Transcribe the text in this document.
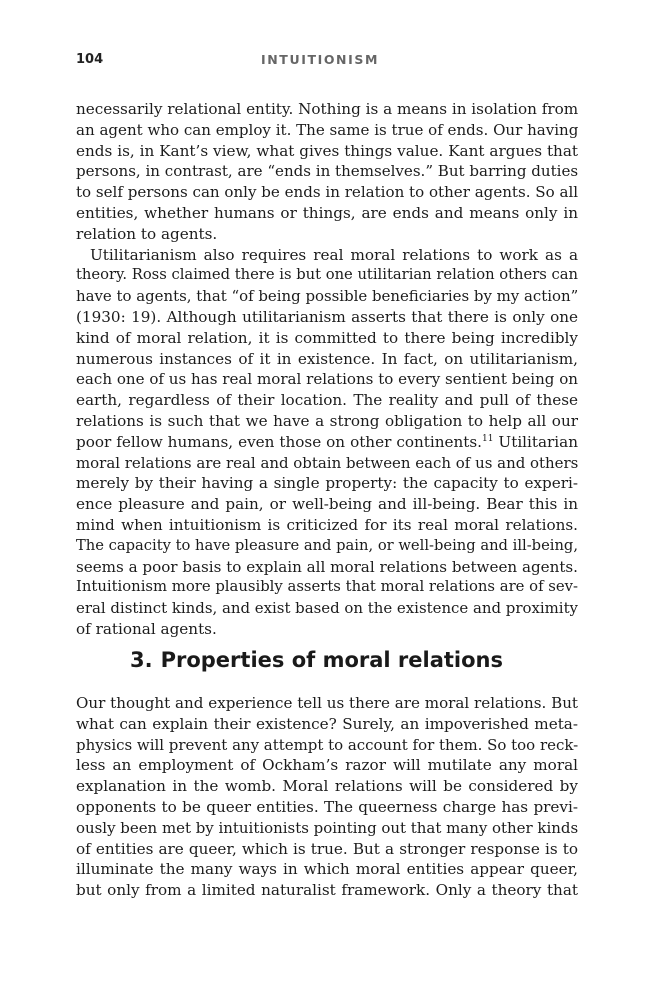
104	INTUITIONISM
necessarily relational entity. Nothing is a means in isolation from
an agent who can employ it. The same is true of ends. Our having
ends is, in Kant’s view, what gives things value. Kant argues that
persons, in contrast, are “ends in themselves.” But barring duties
to self persons can only be ends in relation to other agents. So all
entities, whether humans or things, are ends and means only in
relation to agents.
Utilitarianism also requires real moral relations to work as a
theory. Ross claimed there is but one utilitarian relation others can
have to agents, that “of being possible beneficiaries by my action”
(1930: 19). Although utilitarianism asserts that there is only one
kind of moral relation, it is committed to there being incredibly
numerous instances of it in existence. In fact, on utilitarianism,
each one of us has real moral relations to every sentient being on
earth, regardless of their location. The reality and pull of these
relations is such that we have a strong obligation to help all our
poor fellow humans, even those on other continents.$^{11}$ Utilitarian
moral relations are real and obtain between each of us and others
merely by their having a single property: the capacity to experi-
ence pleasure and pain, or well-being and ill-being. Bear this in
mind when intuitionism is criticized for its real moral relations.
The capacity to have pleasure and pain, or well-being and ill-being,
seems a poor basis to explain all moral relations between agents.
Intuitionism more plausibly asserts that moral relations are of sev-
eral distinct kinds, and exist based on the existence and proximity
of rational agents.
3. Properties of moral relations
Our thought and experience tell us there are moral relations. But
what can explain their existence? Surely, an impoverished meta-
physics will prevent any attempt to account for them. So too reck-
less an employment of Ockham’s razor will mutilate any moral
explanation in the womb. Moral relations will be considered by
opponents to be queer entities. The queerness charge has previ-
ously been met by intuitionists pointing out that many other kinds
of entities are queer, which is true. But a stronger response is to
illuminate the many ways in which moral entities appear queer,
but only from a limited naturalist framework. Only a theory that
